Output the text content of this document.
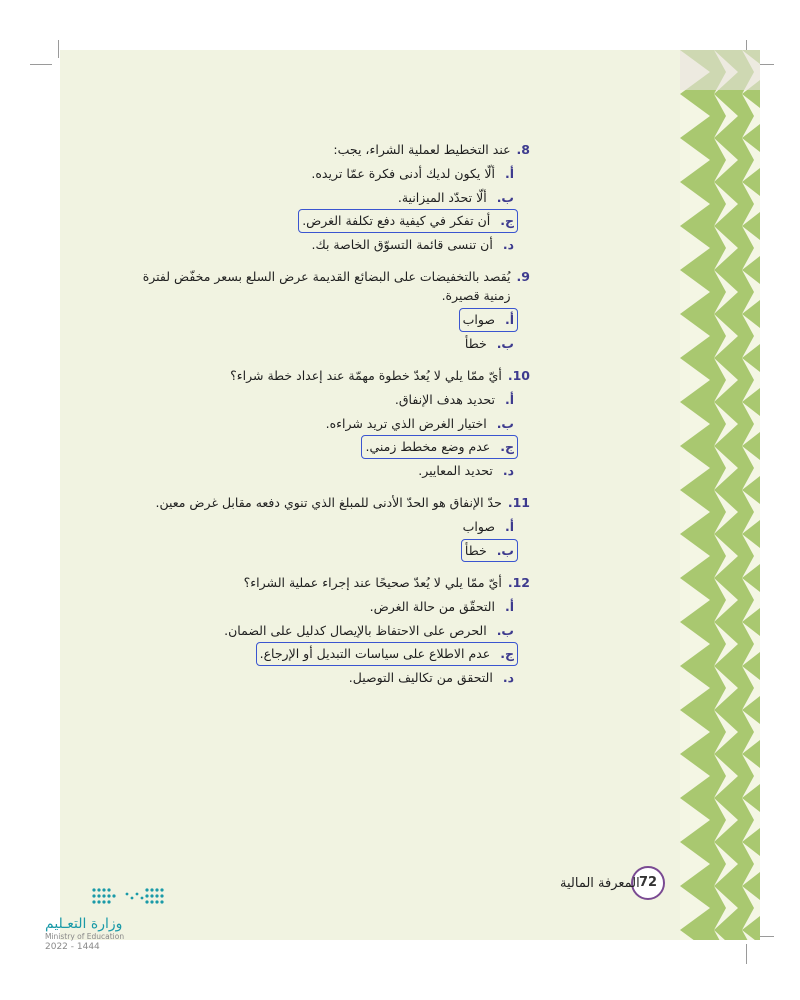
8.
عند التخطيط لعملية الشراء، يجب:
أ.ألّا يكون لديك أدنى فكرة عمّا تريده.
ب.ألّا تحدّد الميزانية.
ج.أن تفكر في كيفية دفع تكلفة الغرض.
د.أن تنسى قائمة التسوّق الخاصة بك.
9.
يُقصد بالتخفيضات على البضائع القديمة عرض السلع بسعر مخفّض لفترة زمنية قصيرة.
أ.صواب
ب.خطأ
10.
أيّ ممّا يلي لا يُعدّ خطوة مهمّة عند إعداد خطة شراء؟
أ.تحديد هدف الإنفاق.
ب.اختيار الغرض الذي تريد شراءه.
ج.عدم وضع مخطط زمني.
د.تحديد المعايير.
11.
حدّ الإنفاق هو الحدّ الأدنى للمبلغ الذي تنوي دفعه مقابل غرض معين.
أ.صواب
ب.خطأ
12.
أيّ ممّا يلي لا يُعدّ صحيحًا عند إجراء عملية الشراء؟
أ.التحقّق من حالة الغرض.
ب.الحرص على الاحتفاظ بالإيصال كدليل على الضمان.
ج.عدم الاطلاع على سياسات التبديل أو الإرجاع.
د.التحقق من تكاليف التوصيل.
72
المعرفة المالية
وزارة التعـليم
Ministry of Education
2022 - 1444
